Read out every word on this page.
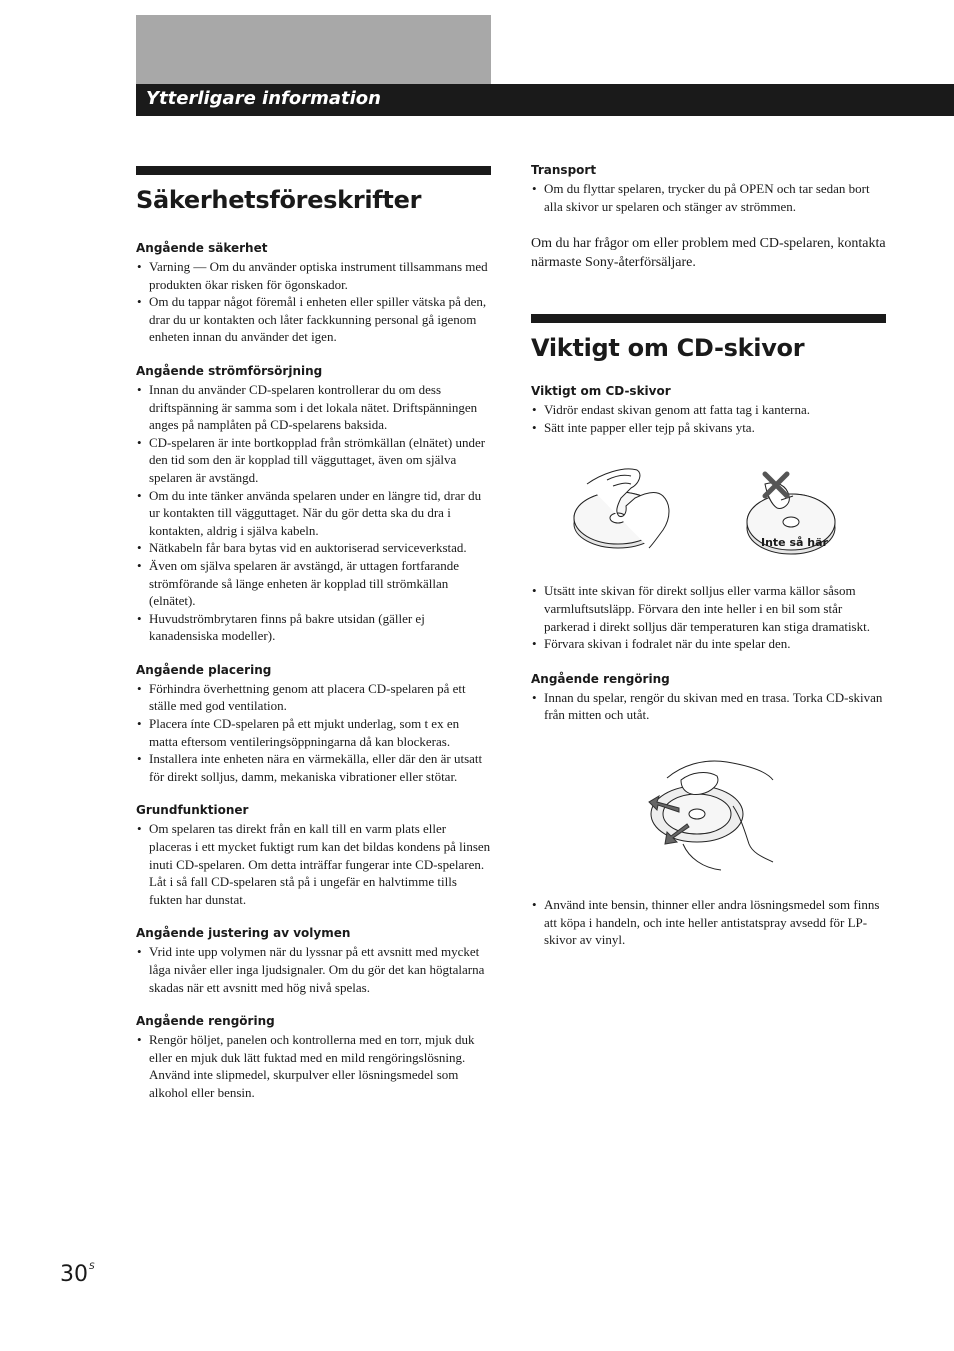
Ytterligare information
Säkerhetsföreskrifter
Angående säkerhet
• Varning — Om du använder optiska instrument tillsammans med produkten ökar risken för ögonskador.
• Om du tappar något föremål i enheten eller spiller vätska på den, drar du ur kontakten och låter fackkunning personal gå igenom enheten innan du använder det igen.
Angående strömförsörjning
• Innan du använder CD-spelaren kontrollerar du om dess driftspänning är samma som i det lokala nätet. Driftspänningen anges på namplåten på CD-spelarens baksida.
• CD-spelaren är inte bortkopplad från strömkällan (elnätet) under den tid som den är kopplad till vägguttaget, även om själva spelaren är avstängd.
• Om du inte tänker använda spelaren under en längre tid, drar du ur kontakten till vägguttaget. När du gör detta ska du dra i kontakten, aldrig i själva kabeln.
• Nätkabeln får bara bytas vid en auktoriserad serviceverkstad.
• Även om själva spelaren är avstängd, är uttagen fortfarande strömförande så länge enheten är kopplad till strömkällan (elnätet).
• Huvudströmbrytaren finns på bakre utsidan (gäller ej kanadensiska modeller).
Angående placering
• Förhindra överhettning genom att placera CD-spelaren på ett ställe med god ventilation.
• Placera ínte CD-spelaren på ett mjukt underlag, som t ex en matta eftersom ventileringsöppningarna då kan blockeras.
• Installera inte enheten nära en värmekälla, eller där den är utsatt för direkt solljus, damm, mekaniska vibrationer eller stötar.
Grundfunktioner
• Om spelaren tas direkt från en kall till en varm plats eller placeras i ett mycket fuktigt rum kan det bildas kondens på linsen inuti CD-spelaren. Om detta inträffar fungerar inte CD-spelaren. Låt i så fall CD-spelaren stå på i ungefär en halvtimme tills fukten har dunstat.
Angående justering av volymen
• Vrid inte upp volymen när du lyssnar på ett avsnitt med mycket låga nivåer eller inga ljudsignaler. Om du gör det kan högtalarna skadas när ett avsnitt med hög nivå spelas.
Angående rengöring
• Rengör höljet, panelen och kontrollerna med en torr, mjuk duk eller en mjuk duk lätt fuktad med en mild rengöringslösning. Använd inte slipmedel, skurpulver eller lösningsmedel som alkohol eller bensin.
Transport
• Om du flyttar spelaren, trycker du på OPEN och tar sedan bort alla skivor ur spelaren och stänger av strömmen.

Om du har frågor om eller problem med CD-spelaren, kontakta närmaste Sony-återförsäljare.

Viktigt om CD-skivor
Viktigt om CD-skivor
• Vidrör endast skivan genom att fatta tag i kanterna.
• Sätt inte papper eller tejp på skivans yta.
Inte så här
• Utsätt inte skivan för direkt solljus eller varma källor såsom varmluftsutsläpp. Förvara den inte heller i en bil som står parkerad i direkt solljus där temperaturen kan stiga dramatiskt.
• Förvara skivan i fodralet när du inte spelar den.
Angående rengöring
• Innan du spelar, rengör du skivan med en trasa. Torka CD-skivan från mitten och utåt.
• Använd inte bensin, thinner eller andra lösningsmedel som finns att köpa i handeln, och inte heller antistatspray avsedd för LP-skivor av vinyl.
$30^S$
